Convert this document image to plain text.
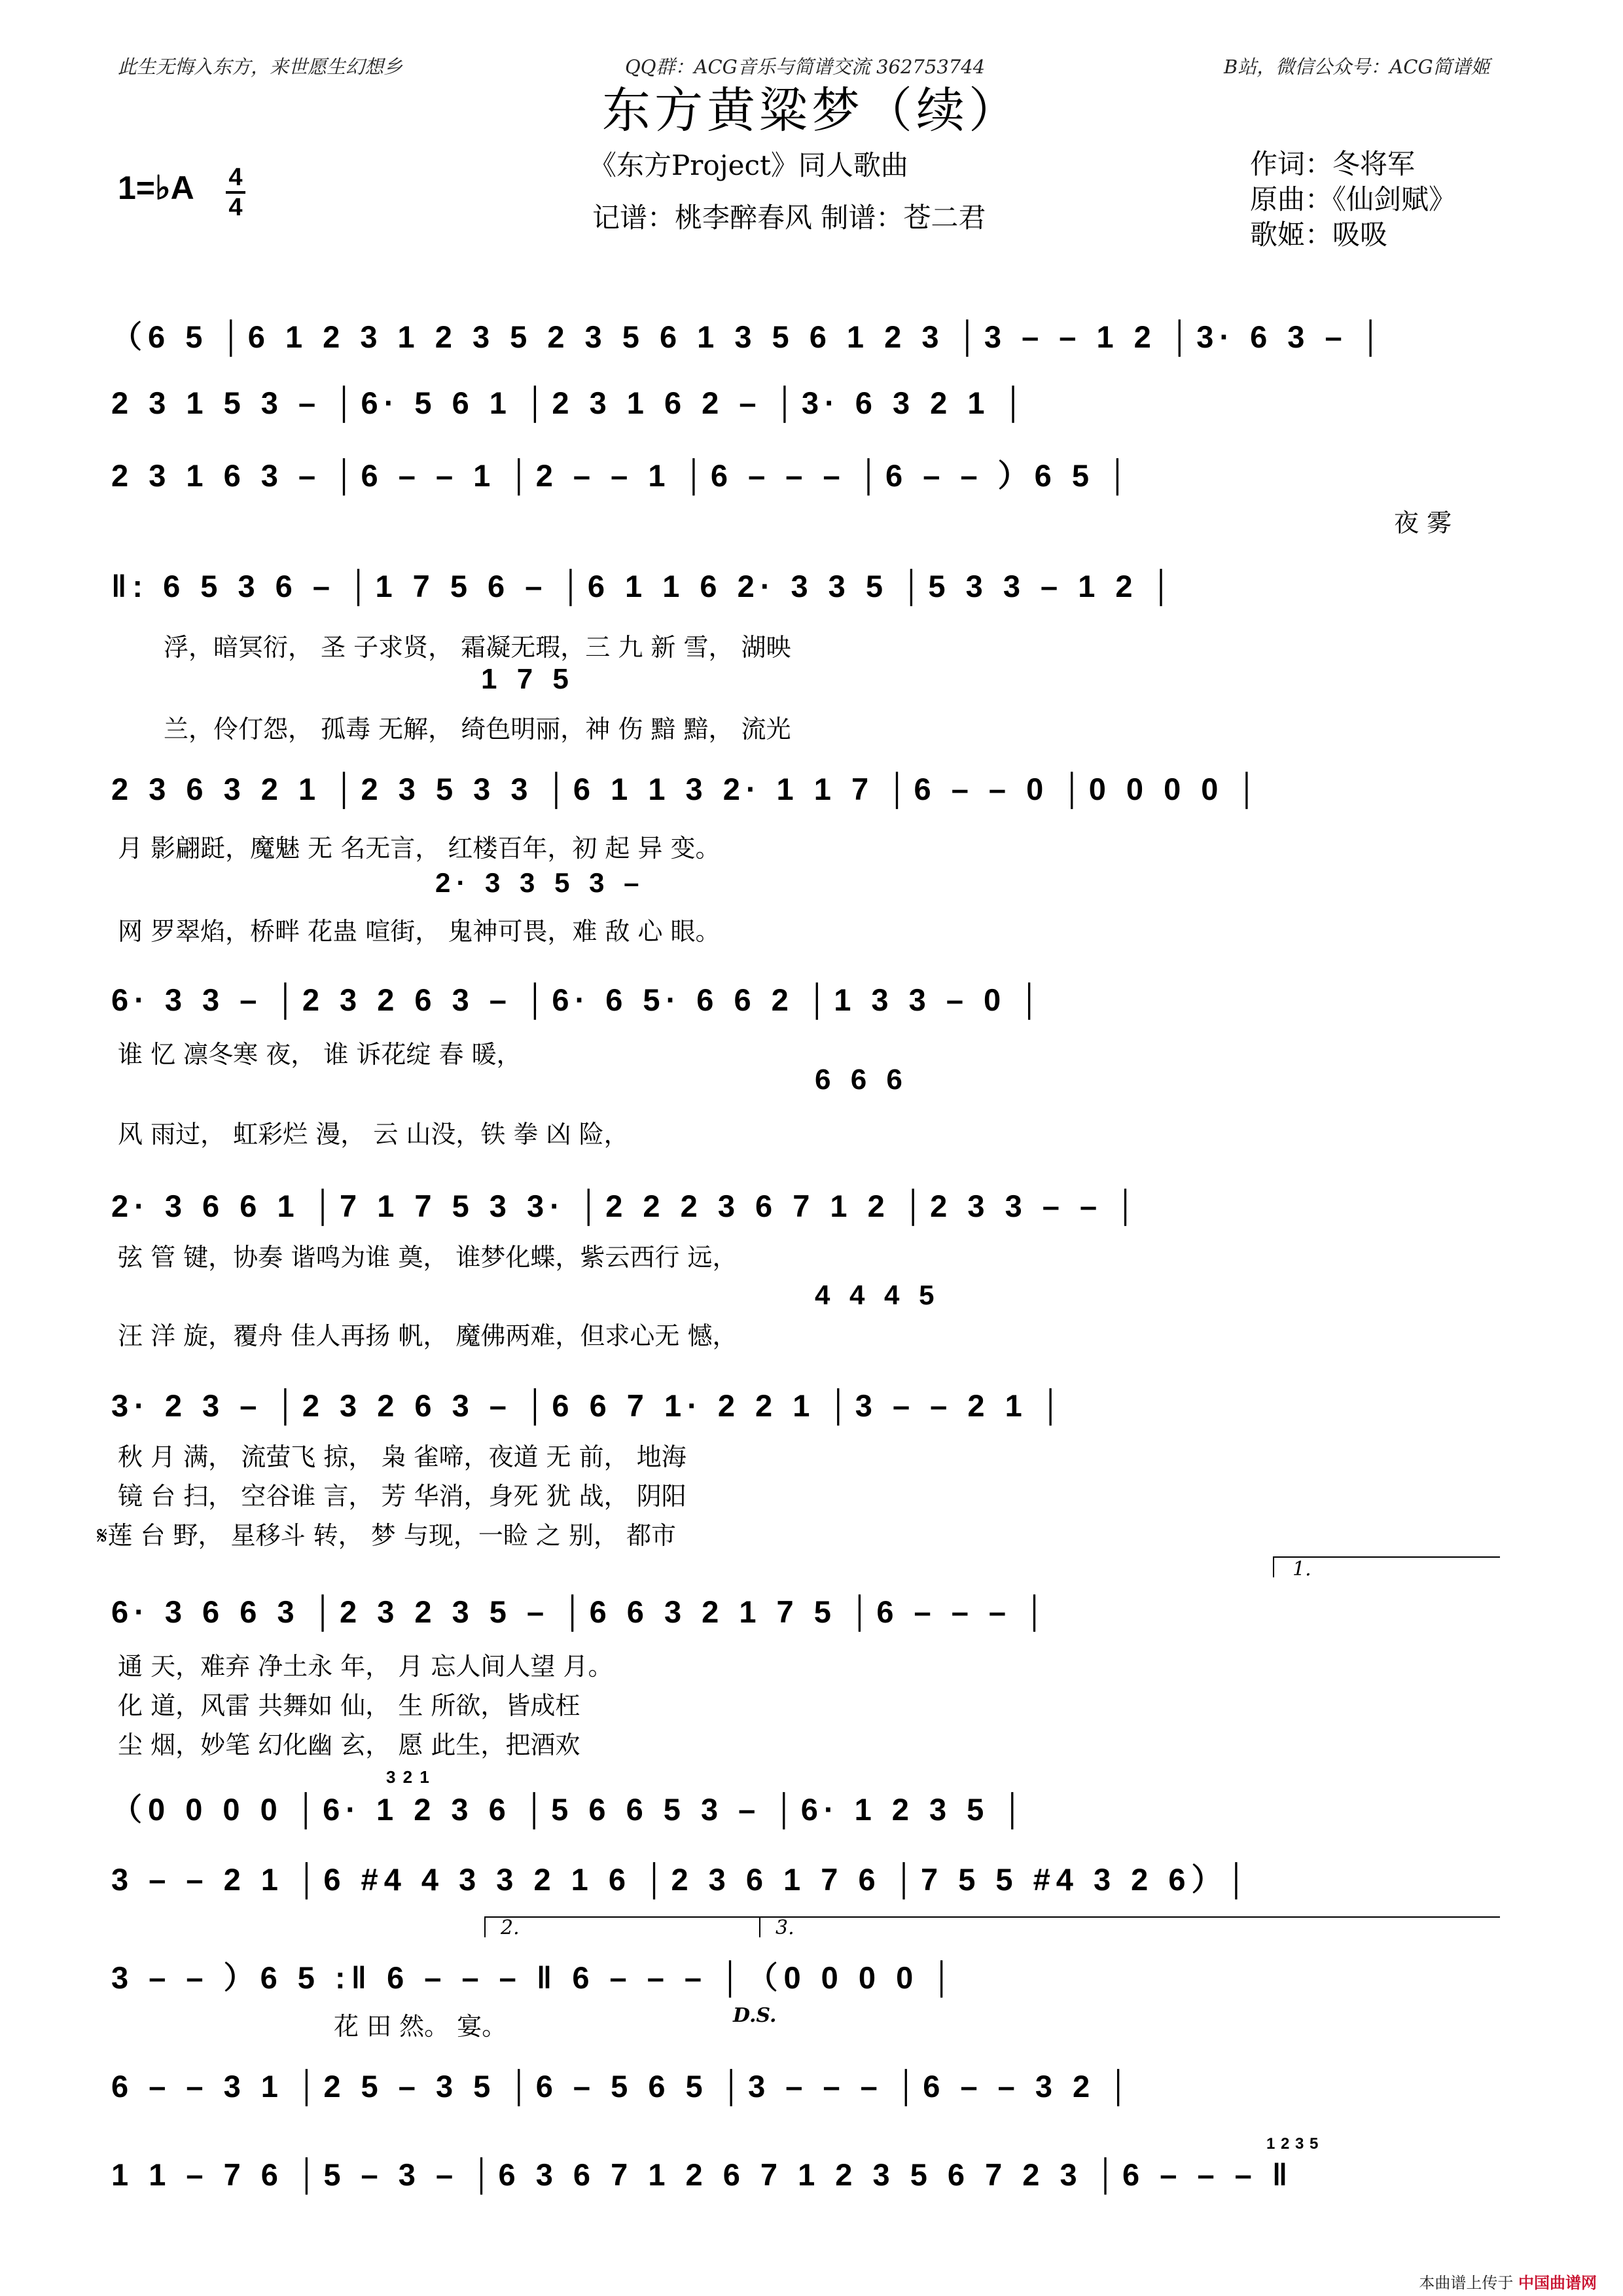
此生无悔入东方，来世愿生幻想乡	QQ群：ACG音乐与简谱交流 362753744	B站，微信公众号：ACG简谱姬
东方黄粱梦（续）
《东方Project》同人歌曲
记谱：桃李醉春风 制谱：苍二君
1=♭A 4
4
作词：冬将军
原曲：《仙剑赋》
歌姬：吸吸
（6 5 │6 1 2 3 1 2 3 5 2 3 5 6 1 3 5 6 1 2 3 │3 – – 1 2 │3· 6 3 – │
2 3 1 5 3 – │6· 5 6 1 │2 3 1 6 2 – │3· 6 3 2 1 │
2 3 1 6 3 – │6 – – 1 │2 – – 1 │6 – – – │6 – – ）6 5 │
夜 雾
‖: 6 5 3 6 – │1 7 5 6 – │6 1 1 6 2· 3 3 5 │5 3 3 – 1 2 │
浮，暗冥衍， 圣 子求贤， 霜凝无瑕，三 九 新 雪， 湖映
1 7 5
兰，伶仃怨， 孤毒 无解， 绮色明丽，神 伤 黯 黯， 流光
2 3 6 3 2 1 │2 3 5 3 3 │6 1 1 3 2· 1 1 7 │6 – – 0 │0 0 0 0 │
月 影翩跹，魔魅 无 名无言， 红楼百年，初 起 异 变。
2· 3 3 5 3 –
网 罗翠焰，桥畔 花蛊 喧街， 鬼神可畏，难 敌 心 眼。
6· 3 3 – │2 3 2 6 3 – │6· 6 5· 6 6 2 │1 3 3 – 0 │
谁 忆 凛冬寒 夜， 谁 诉花绽 春 暖，
6 6 6
风 雨过， 虹彩烂 漫， 云 山没，铁 拳 凶 险，
2· 3 6 6 1 │7 1 7 5 3 3· │2 2 2 3 6 7 1 2 │2 3 3 – – │
弦 管 键，协奏 谐鸣为谁 奠， 谁梦化蝶，紫云西行 远，
4 4 4 5
汪 洋 旋，覆舟 佳人再扬 帆， 魔佛两难，但求心无 憾，
3· 2 3 – │2 3 2 6 3 – │6 6 7 1· 2 2 1 │3 – – 2 1 │
秋 月 满， 流萤飞 掠， 枭 雀啼，夜道 无 前， 地海
镜 台 扫， 空谷谁 言， 芳 华消，身死 犹 战， 阴阳
𝄋莲 台 野， 星移斗 转， 梦 与现，一睑 之 别， 都市
1.
6· 3 6 6 3 │2 3 2 3 5 – │6 6 3 2 1 7 5 │6 – – – │
通 天，难弃 净土永 年， 月 忘人间人望 月。
化 道，风雷 共舞如 仙， 生 所欲，皆成枉
尘 烟，妙笔 幻化幽 玄， 愿 此生，把酒欢
（0 0 0 0 │6· 1 2 3 6 │5 6 6 5 3 – │6· 1 2 3 5 │
3 2 1
3 – – 2 1 │6 #4 4 3 3 2 1 6 │2 3 6 1 7 6 │7 5 5 #4 3 2 6）│
2.	3.
3 – – ）6 5 :‖ 6 – – – ‖ 6 – – – │（0 0 0 0 │
花 田 然。 宴。	D.S.
6 – – 3 1 │2 5 – 3 5 │6 – 5 6 5 │3 – – – │6 – – 3 2 │
1 1 – 7 6 │5 – 3 – │6 3 6 7 1 2 6 7 1 2 3 5 6 7 2 3 │6 – – – ‖
1 2 3 5
本曲谱上传于 中国曲谱网
